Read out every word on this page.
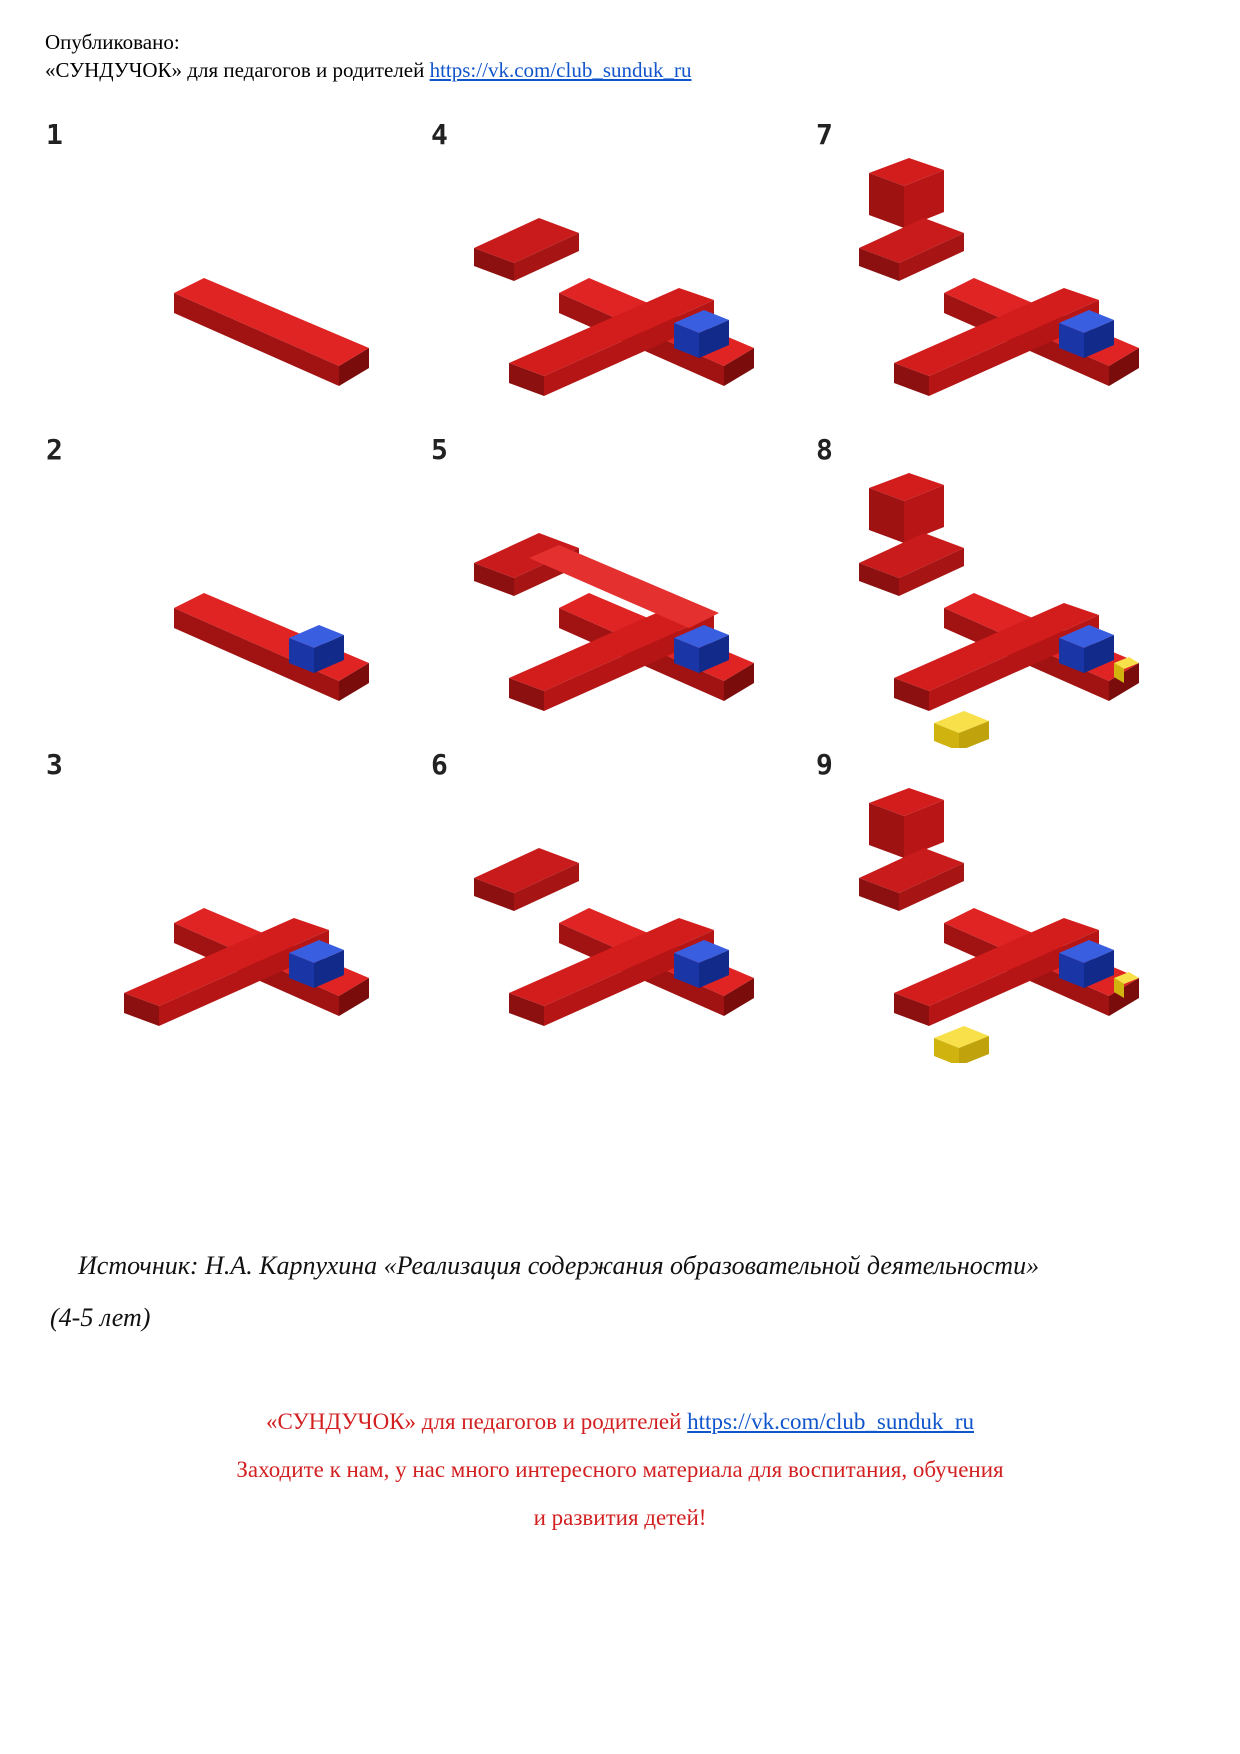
Опубликовано:
«СУНДУЧОК» для педагогов и родителей https://vk.com/club_sunduk_ru
1
2
3
4
5
6
7
8
9
Источник: Н.А. Карпухина «Реализация содержания образовательной деятельности»
(4-5 лет)
«СУНДУЧОК» для педагогов и родителей https://vk.com/club_sunduk_ru
Заходите к нам, у нас много интересного материала для воспитания, обучения
и развития детей!
